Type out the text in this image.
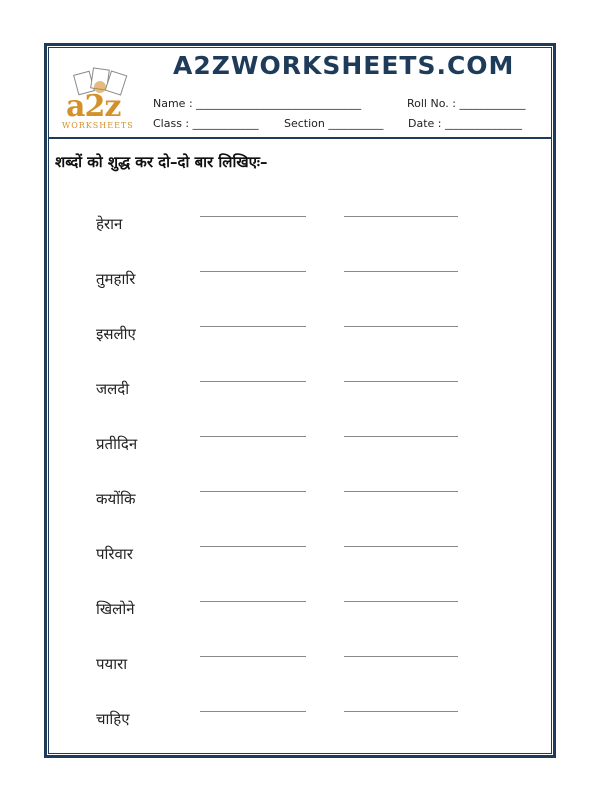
A2ZWORKSHEETS.COM
a2z
WORKSHEETS
Name : ______________________________	Roll No. : ____________
Class : ____________ Section __________ Date : ______________
शब्दों को शुद्ध कर दो–दो बार लिखिएः–
हेरान
तुमहारि
इसलीए
जलदी
प्रतीदिन
कयोंकि
परिवार
खिलोने
पयारा
चाहिए
